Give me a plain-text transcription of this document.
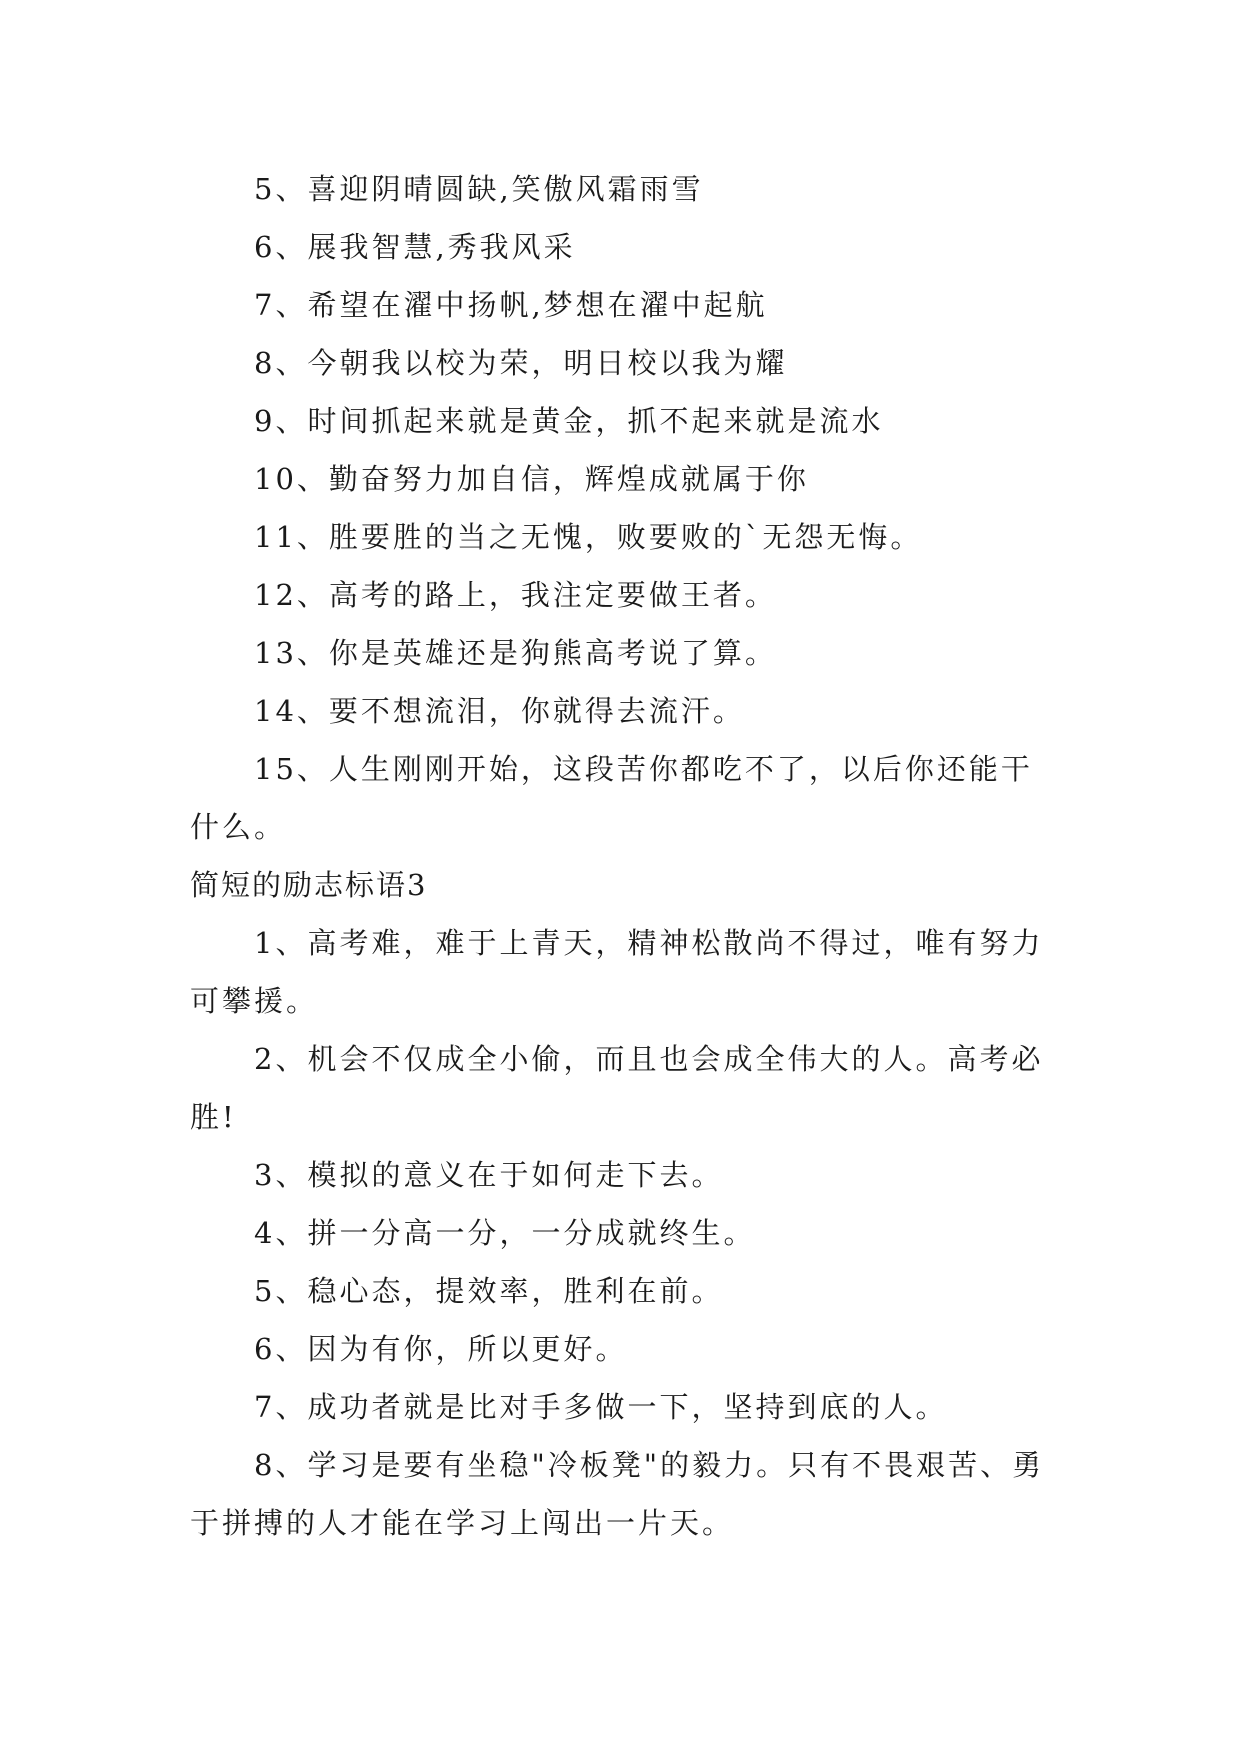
5、喜迎阴晴圆缺,笑傲风霜雨雪

6、展我智慧,秀我风采

7、希望在濯中扬帆,梦想在濯中起航

8、今朝我以校为荣，明日校以我为耀

9、时间抓起来就是黄金，抓不起来就是流水

10、勤奋努力加自信，辉煌成就属于你

11、胜要胜的当之无愧，败要败的`无怨无悔。

12、高考的路上，我注定要做王者。

13、你是英雄还是狗熊高考说了算。

14、要不想流泪，你就得去流汗。

15、人生刚刚开始，这段苦你都吃不了，以后你还能干什么。

简短的励志标语3

1、高考难，难于上青天，精神松散尚不得过，唯有努力可攀援。

2、机会不仅成全小偷，而且也会成全伟大的人。高考必胜!

3、模拟的意义在于如何走下去。

4、拼一分高一分，一分成就终生。

5、稳心态，提效率，胜利在前。

6、因为有你，所以更好。

7、成功者就是比对手多做一下，坚持到底的人。

8、学习是要有坐稳"冷板凳"的毅力。只有不畏艰苦、勇于拼搏的人才能在学习上闯出一片天。
